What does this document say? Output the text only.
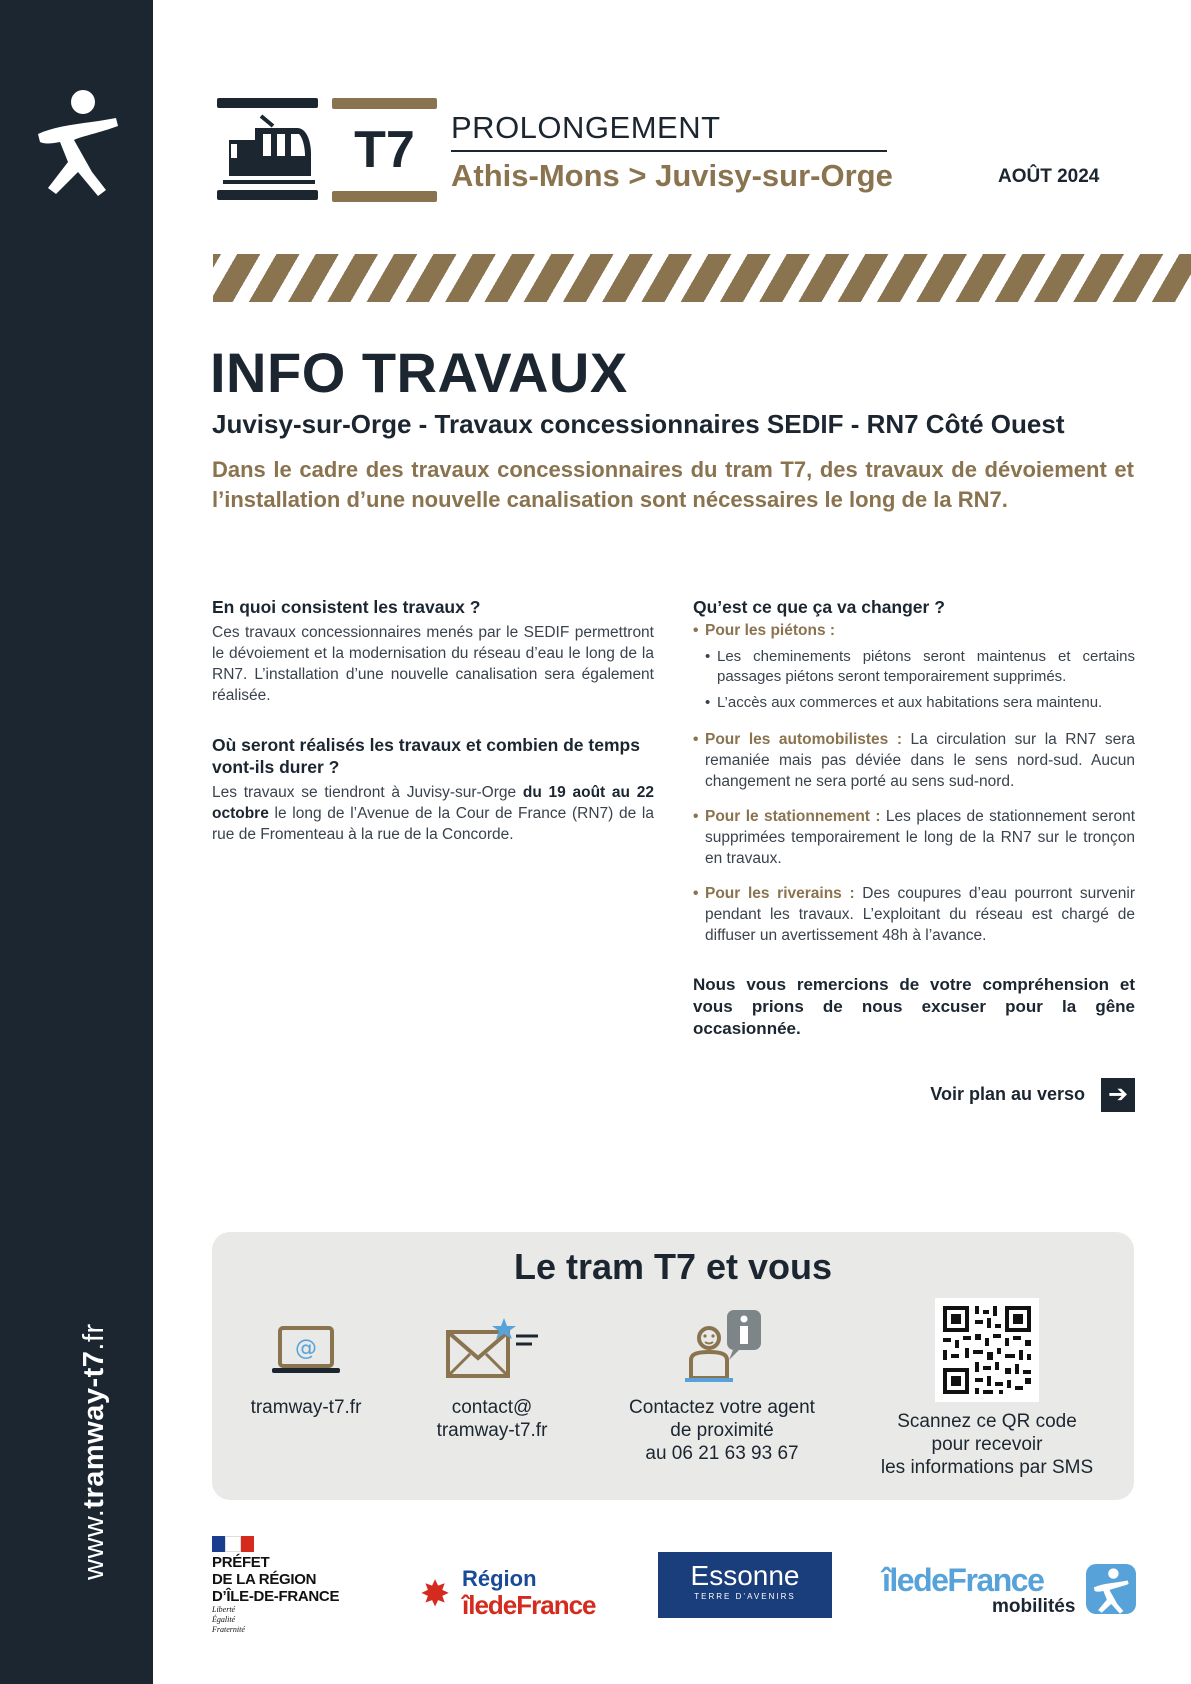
www.tramway-t7.fr
T7	PROLONGEMENT
Athis-Mons > Juvisy-sur-Orge	AOÛT 2024
INFO TRAVAUX
Juvisy-sur-Orge - Travaux concessionnaires SEDIF - RN7 Côté Ouest
Dans le cadre des travaux concessionnaires du tram T7, des travaux de dévoiement et l’installation d’une nouvelle canalisation sont nécessaires le long de la RN7.
En quoi consistent les travaux ?
Ces travaux concessionnaires menés par le SEDIF permettront le dévoiement et la modernisation du réseau d’eau le long de la RN7. L’installation d’une nouvelle canalisation sera également réalisée.
Où seront réalisés les travaux et combien de temps vont-ils durer ?
Les travaux se tiendront à Juvisy-sur-Orge du 19 août au 22 octobre le long de l’Avenue de la Cour de France (RN7) de la rue de Fromenteau à la rue de la Concorde.
Qu’est ce que ça va changer ?
• Pour les piétons :
• Les cheminements piétons seront maintenus et certains passages piétons seront temporairement supprimés.
• L’accès aux commerces et aux habitations sera maintenu.
• Pour les automobilistes : La circulation sur la RN7 sera remaniée mais pas déviée dans le sens nord-sud. Aucun changement ne sera porté au sens sud-nord.
• Pour le stationnement : Les places de stationnement seront supprimées temporairement le long de la RN7 sur le tronçon en travaux.
• Pour les riverains : Des coupures d’eau pourront survenir pendant les travaux. L’exploitant du réseau est chargé de diffuser un avertissement 48h à l’avance.
Nous vous remercions de votre compréhension et vous prions de nous excuser pour la gêne occasionnée.
Voir plan au verso ➔
Le tram T7 et vous
@
tramway-t7.fr	contact@
tramway-t7.fr
Contactez votre agent
de proximité
au 06 21 63 93 67
Scannez ce QR code
pour recevoir
les informations par SMS
PRÉFET
DE LA RÉGION
D’ÎLE-DE-FRANCE
Liberté
Égalité
Fraternité
✸ Région
îledeFrance
Essonne
TERRE D’AVENIRS	îledeFrance
mobilités
